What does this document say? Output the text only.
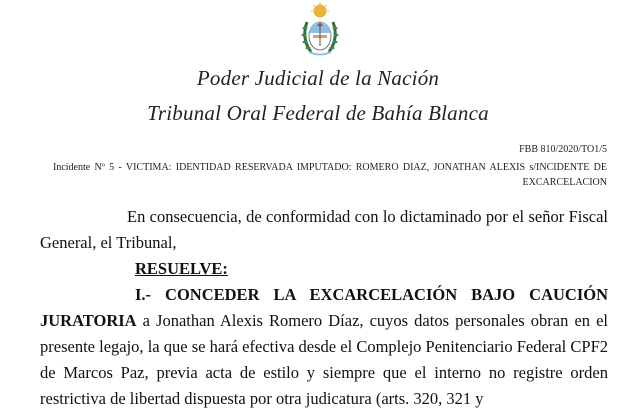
Poder Judicial de la Nación
Tribunal Oral Federal de Bahía Blanca
FBB 810/2020/TO1/5
Incidente Nº 5 - VICTIMA: IDENTIDAD RESERVADA IMPUTADO: ROMERO DIAZ, JONATHAN ALEXIS s/INCIDENTE DE EXCARCELACION

En consecuencia, de conformidad con lo dictaminado por el señor Fiscal General, el Tribunal,

RESUELVE:

I.- CONCEDER LA EXCARCELACIÓN BAJO CAUCIÓN JURATORIA a Jonathan Alexis Romero Díaz, cuyos datos personales obran en el presente legajo, la que se hará efectiva desde el Complejo Penitenciario Federal CPF2 de Marcos Paz, previa acta de estilo y siempre que el interno no registre orden restrictiva de libertad dispuesta por otra judicatura (arts. 320, 321 y
